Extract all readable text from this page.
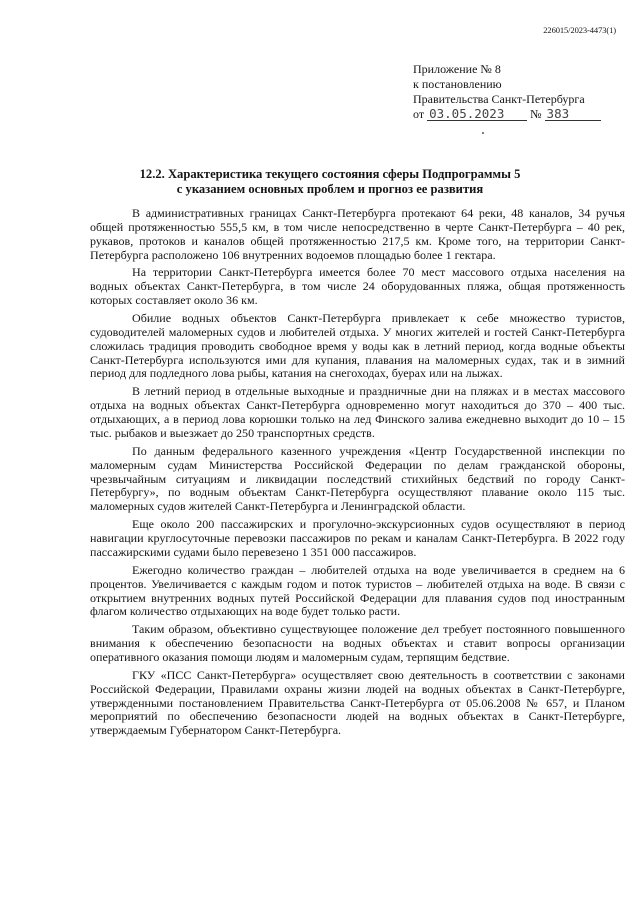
226015/2023-4473(1)
Приложение № 8
к постановлению
Правительства Санкт-Петербурга
от 03.05.2023 № 383
12.2. Характеристика текущего состояния сферы Подпрограммы 5
с указанием основных проблем и прогноз ее развития

В административных границах Санкт-Петербурга протекают 64 реки, 48 каналов, 34 ручья общей протяженностью 555,5 км, в том числе непосредственно в черте Санкт-Петербурга – 40 рек, рукавов, протоков и каналов общей протяженностью 217,5 км. Кроме того, на территории Санкт-Петербурга расположено 106 внутренних водоемов площадью более 1 гектара.

На территории Санкт-Петербурга имеется более 70 мест массового отдыха населения на водных объектах Санкт-Петербурга, в том числе 24 оборудованных пляжа, общая протяженность которых составляет около 36 км.

Обилие водных объектов Санкт-Петербурга привлекает к себе множество туристов, судоводителей маломерных судов и любителей отдыха. У многих жителей и гостей Санкт-Петербурга сложилась традиция проводить свободное время у воды как в летний период, когда водные объекты Санкт-Петербурга используются ими для купания, плавания на маломерных судах, так и в зимний период для подледного лова рыбы, катания на снегоходах, буерах или на лыжах.

В летний период в отдельные выходные и праздничные дни на пляжах и в местах массового отдыха на водных объектах Санкт-Петербурга одновременно могут находиться до 370 – 400 тыс. отдыхающих, а в период лова корюшки только на лед Финского залива ежедневно выходит до 10 – 15 тыс. рыбаков и выезжает до 250 транспортных средств.

По данным федерального казенного учреждения «Центр Государственной инспекции по маломерным судам Министерства Российской Федерации по делам гражданской обороны, чрезвычайным ситуациям и ликвидации последствий стихийных бедствий по городу Санкт-Петербургу», по водным объектам Санкт-Петербурга осуществляют плавание около 115 тыс. маломерных судов жителей Санкт-Петербурга и Ленинградской области.

Еще около 200 пассажирских и прогулочно-экскурсионных судов осуществляют в период навигации круглосуточные перевозки пассажиров по рекам и каналам Санкт-Петербурга. В 2022 году пассажирскими судами было перевезено 1 351 000 пассажиров.

Ежегодно количество граждан – любителей отдыха на воде увеличивается в среднем на 6 процентов. Увеличивается с каждым годом и поток туристов – любителей отдыха на воде. В связи с открытием внутренних водных путей Российской Федерации для плавания судов под иностранным флагом количество отдыхающих на воде будет только расти.

Таким образом, объективно существующее положение дел требует постоянного повышенного внимания к обеспечению безопасности на водных объектах и ставит вопросы организации оперативного оказания помощи людям и маломерным судам, терпящим бедствие.

ГКУ «ПСС Санкт-Петербурга» осуществляет свою деятельность в соответствии с законами Российской Федерации, Правилами охраны жизни людей на водных объектах в Санкт-Петербурге, утвержденными постановлением Правительства Санкт-Петербурга от 05.06.2008 № 657, и Планом мероприятий по обеспечению безопасности людей на водных объектах в Санкт-Петербурге, утверждаемым Губернатором Санкт-Петербурга.
